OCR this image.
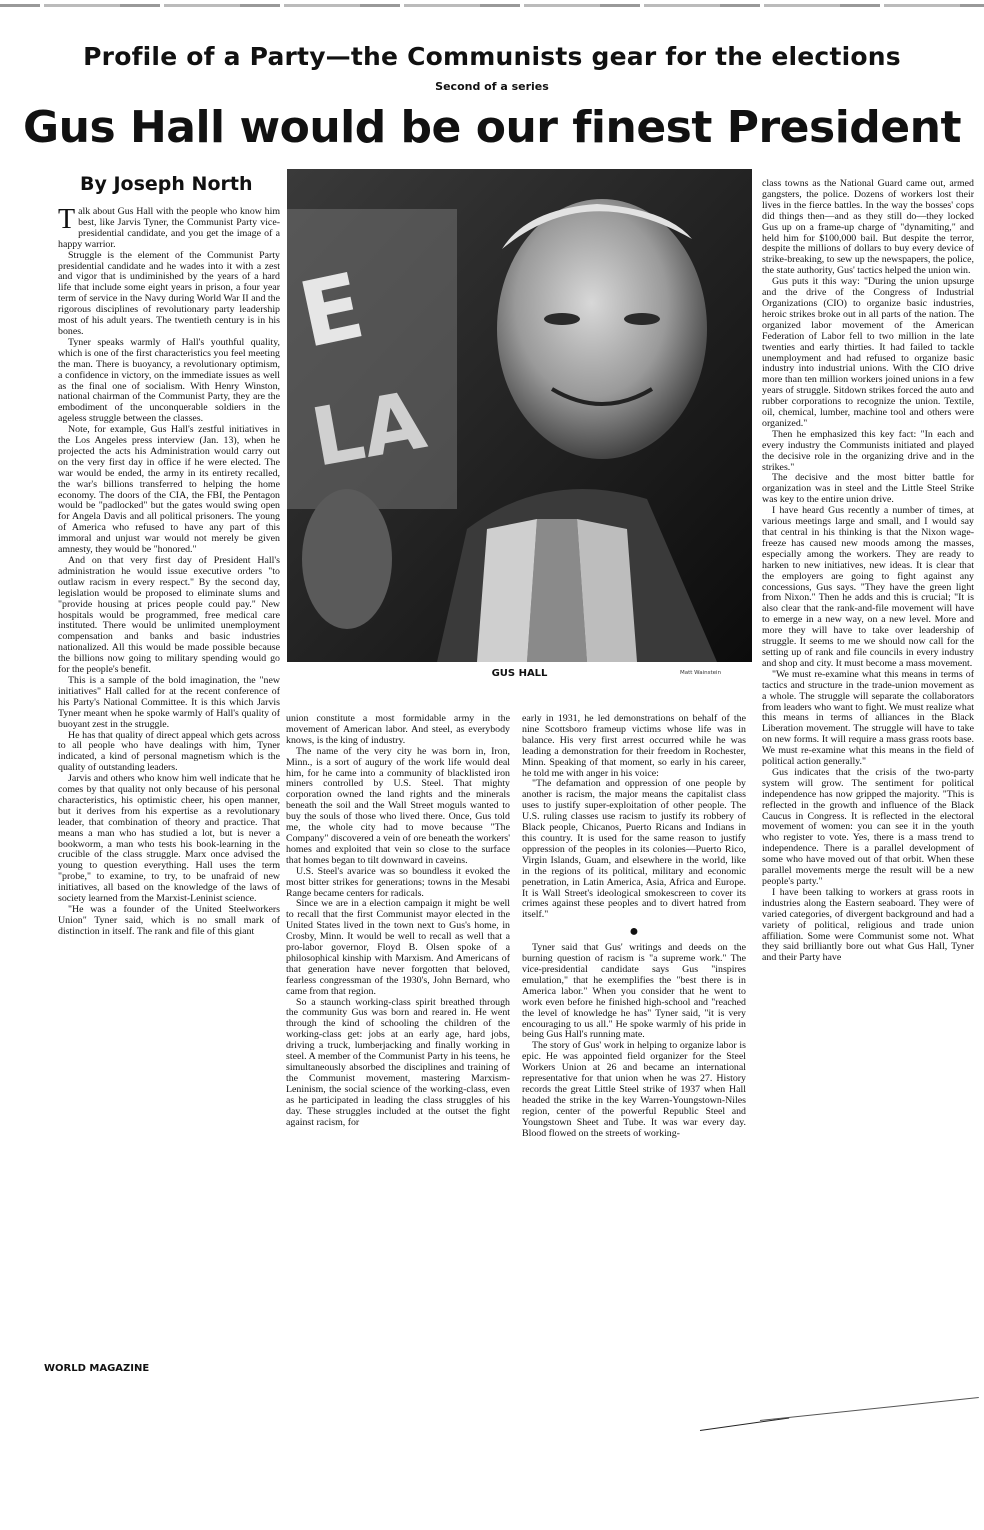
Profile of a Party—the Communists gear for the elections
Second of a series
Gus Hall would be our finest President
By Joseph North

Talk about Gus Hall with the people who know him best, like Jarvis Tyner, the Communist Party vice-presidential candidate, and you get the image of a happy warrior.

Struggle is the element of the Communist Party presidential candidate and he wades into it with a zest and vigor that is undiminished by the years of a hard life that include some eight years in prison, a four year term of service in the Navy during World War II and the rigorous disciplines of revolutionary party leadership most of his adult years. The twentieth century is in his bones.

Tyner speaks warmly of Hall's youthful quality, which is one of the first characteristics you feel meeting the man. There is buoyancy, a revolutionary optimism, a confidence in victory, on the immediate issues as well as the final one of socialism. With Henry Winston, national chairman of the Communist Party, they are the embodiment of the unconquerable soldiers in the ageless struggle between the classes.

Note, for example, Gus Hall's zestful initiatives in the Los Angeles press interview (Jan. 13), when he projected the acts his Administration would carry out on the very first day in office if he were elected. The war would be ended, the army in its entirety recalled, the war's billions transferred to helping the home economy. The doors of the CIA, the FBI, the Pentagon would be "padlocked" but the gates would swing open for Angela Davis and all political prisoners. The young of America who refused to have any part of this immoral and unjust war would not merely be given amnesty, they would be "honored."

And on that very first day of President Hall's administration he would issue executive orders "to outlaw racism in every respect." By the second day, legislation would be proposed to eliminate slums and "provide housing at prices people could pay." New hospitals would be programmed, free medical care instituted. There would be unlimited unemployment compensation and banks and basic industries nationalized. All this would be made possible because the billions now going to military spending would go for the people's benefit.

This is a sample of the bold imagination, the "new initiatives" Hall called for at the recent conference of his Party's National Committee. It is this which Jarvis Tyner meant when he spoke warmly of Hall's quality of buoyant zest in the struggle.

He has that quality of direct appeal which gets across to all people who have dealings with him, Tyner indicated, a kind of personal magnetism which is the quality of outstanding leaders.

Jarvis and others who know him well indicate that he comes by that quality not only because of his personal characteristics, his optimistic cheer, his open manner, but it derives from his expertise as a revolutionary leader, that combination of theory and practice. That means a man who has studied a lot, but is never a bookworm, a man who tests his book-learning in the crucible of the class struggle. Marx once advised the young to question everything. Hall uses the term "probe," to examine, to try, to be unafraid of new initiatives, all based on the knowledge of the laws of society learned from the Marxist-Leninist science.

"He was a founder of the United Steelworkers Union" Tyner said, which is no small mark of distinction in itself. The rank and file of this giant

E
LA
GUS HALL	Matt Wainstein

union constitute a most formidable army in the movement of American labor. And steel, as everybody knows, is the king of industry.

The name of the very city he was born in, Iron, Minn., is a sort of augury of the work life would deal him, for he came into a community of blacklisted iron miners controlled by U.S. Steel. That mighty corporation owned the land rights and the minerals beneath the soil and the Wall Street moguls wanted to buy the souls of those who lived there. Once, Gus told me, the whole city had to move because "The Company" discovered a vein of ore beneath the workers' homes and exploited that vein so close to the surface that homes began to tilt downward in caveins.

U.S. Steel's avarice was so boundless it evoked the most bitter strikes for generations; towns in the Mesabi Range became centers for radicals.

Since we are in a election campaign it might be well to recall that the first Communist mayor elected in the United States lived in the town next to Gus's home, in Crosby, Minn. It would be well to recall as well that a pro-labor governor, Floyd B. Olsen spoke of a philosophical kinship with Marxism. And Americans of that generation have never forgotten that beloved, fearless congressman of the 1930's, John Bernard, who came from that region.

So a staunch working-class spirit breathed through the community Gus was born and reared in. He went through the kind of schooling the children of the working-class get: jobs at an early age, hard jobs, driving a truck, lumberjacking and finally working in steel. A member of the Communist Party in his teens, he simultaneously absorbed the disciplines and training of the Communist movement, mastering Marxism-Leninism, the social science of the working-class, even as he participated in leading the class struggles of his day. These struggles included at the outset the fight against racism, for

early in 1931, he led demonstrations on behalf of the nine Scottsboro frameup victims whose life was in balance. His very first arrest occurred while he was leading a demonstration for their freedom in Rochester, Minn. Speaking of that moment, so early in his career, he told me with anger in his voice:

"The defamation and oppression of one people by another is racism, the major means the capitalist class uses to justify super-exploitation of other people. The U.S. ruling classes use racism to justify its robbery of Black people, Chicanos, Puerto Ricans and Indians in this country. It is used for the same reason to justify oppression of the peoples in its colonies—Puerto Rico, Virgin Islands, Guam, and elsewhere in the world, like in the regions of its political, military and economic penetration, in Latin America, Asia, Africa and Europe. It is Wall Street's ideological smokescreen to cover its crimes against these peoples and to divert hatred from itself."

●

Tyner said that Gus' writings and deeds on the burning question of racism is "a supreme work." The vice-presidential candidate says Gus "inspires emulation," that he exemplifies the "best there is in America labor." When you consider that he went to work even before he finished high-school and "reached the level of knowledge he has" Tyner said, "it is very encouraging to us all." He spoke warmly of his pride in being Gus Hall's running mate.

The story of Gus' work in helping to organize labor is epic. He was appointed field organizer for the Steel Workers Union at 26 and became an international representative for that union when he was 27. History records the great Little Steel strike of 1937 when Hall headed the strike in the key Warren-Youngstown-Niles region, center of the powerful Republic Steel and Youngstown Sheet and Tube. It was war every day. Blood flowed on the streets of working-

class towns as the National Guard came out, armed gangsters, the police. Dozens of workers lost their lives in the fierce battles. In the way the bosses' cops did things then—and as they still do—they locked Gus up on a frame-up charge of "dynamiting," and held him for $100,000 bail. But despite the terror, despite the millions of dollars to buy every device of strike-breaking, to sew up the newspapers, the police, the state authority, Gus' tactics helped the union win.

Gus puts it this way: "During the union upsurge and the drive of the Congress of Industrial Organizations (CIO) to organize basic industries, heroic strikes broke out in all parts of the nation. The organized labor movement of the American Federation of Labor fell to two million in the late twenties and early thirties. It had failed to tackle unemployment and had refused to organize basic industry into industrial unions. With the CIO drive more than ten million workers joined unions in a few years of struggle. Sitdown strikes forced the auto and rubber corporations to recognize the union. Textile, oil, chemical, lumber, machine tool and others were organized."

Then he emphasized this key fact: "In each and every industry the Communists initiated and played the decisive role in the organizing drive and in the strikes."

The decisive and the most bitter battle for organization was in steel and the Little Steel Strike was key to the entire union drive.

I have heard Gus recently a number of times, at various meetings large and small, and I would say that central in his thinking is that the Nixon wage-freeze has caused new moods among the masses, especially among the workers. They are ready to harken to new initiatives, new ideas. It is clear that the employers are going to fight against any concessions, Gus says. "They have the green light from Nixon." Then he adds and this is crucial; "It is also clear that the rank-and-file movement will have to emerge in a new way, on a new level. More and more they will have to take over leadership of struggle. It seems to me we should now call for the setting up of rank and file councils in every industry and shop and city. It must become a mass movement.

"We must re-examine what this means in terms of tactics and structure in the trade-union movement as a whole. The struggle will separate the collaborators from leaders who want to fight. We must realize what this means in terms of alliances in the Black Liberation movement. The struggle will have to take on new forms. It will require a mass grass roots base. We must re-examine what this means in the field of political action generally."

Gus indicates that the crisis of the two-party system will grow. The sentiment for political independence has now gripped the majority. "This is reflected in the growth and influence of the Black Caucus in Congress. It is reflected in the electoral movement of women: you can see it in the youth who register to vote. Yes, there is a mass trend to independence. There is a parallel development of some who have moved out of that orbit. When these parallel movements merge the result will be a new people's party."

I have been talking to workers at grass roots in industries along the Eastern seaboard. They were of varied categories, of divergent background and had a variety of political, religious and trade union affiliation. Some were Communist some not. What they said brilliantly bore out what Gus Hall, Tyner and their Party have

WORLD MAGAZINE
